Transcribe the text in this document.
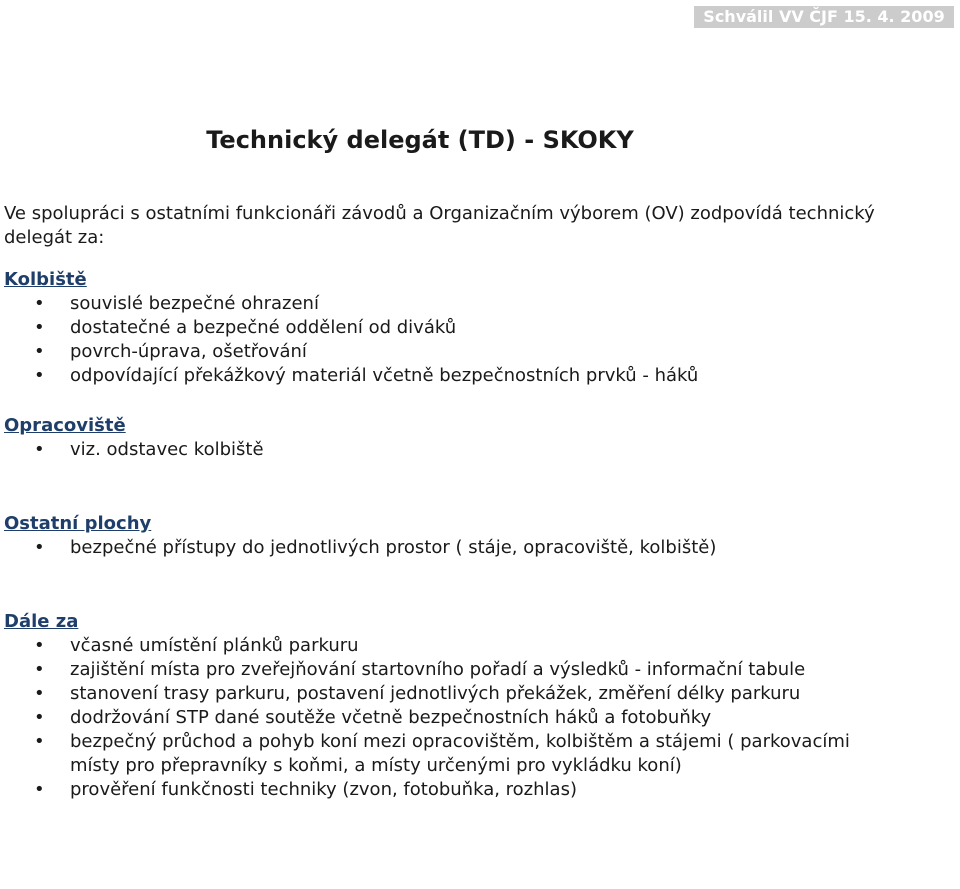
Schválil VV ČJF 15. 4. 2009
Technický delegát (TD) - SKOKY

Ve spolupráci s ostatními funkcionáři závodů a Organizačním výborem (OV) zodpovídá technický delegát za:

Kolbiště

• souvislé bezpečné ohrazení
• dostatečné a bezpečné oddělení od diváků
• povrch-úprava, ošetřování
• odpovídající překážkový materiál včetně bezpečnostních prvků - háků

Opracoviště

• viz. odstavec kolbiště

Ostatní plochy

• bezpečné přístupy do jednotlivých prostor ( stáje, opracoviště, kolbiště)

Dále za

• včasné umístění plánků parkuru
• zajištění místa pro zveřejňování startovního pořadí a výsledků - informační tabule
• stanovení trasy parkuru, postavení jednotlivých překážek, změření délky parkuru
• dodržování STP dané soutěže včetně bezpečnostních háků a fotobuňky
• bezpečný průchod a pohyb koní mezi opracovištěm, kolbištěm a stájemi ( parkovacími místy pro přepravníky s koňmi, a místy určenými pro vykládku koní)
• prověření funkčnosti techniky (zvon, fotobuňka, rozhlas)
